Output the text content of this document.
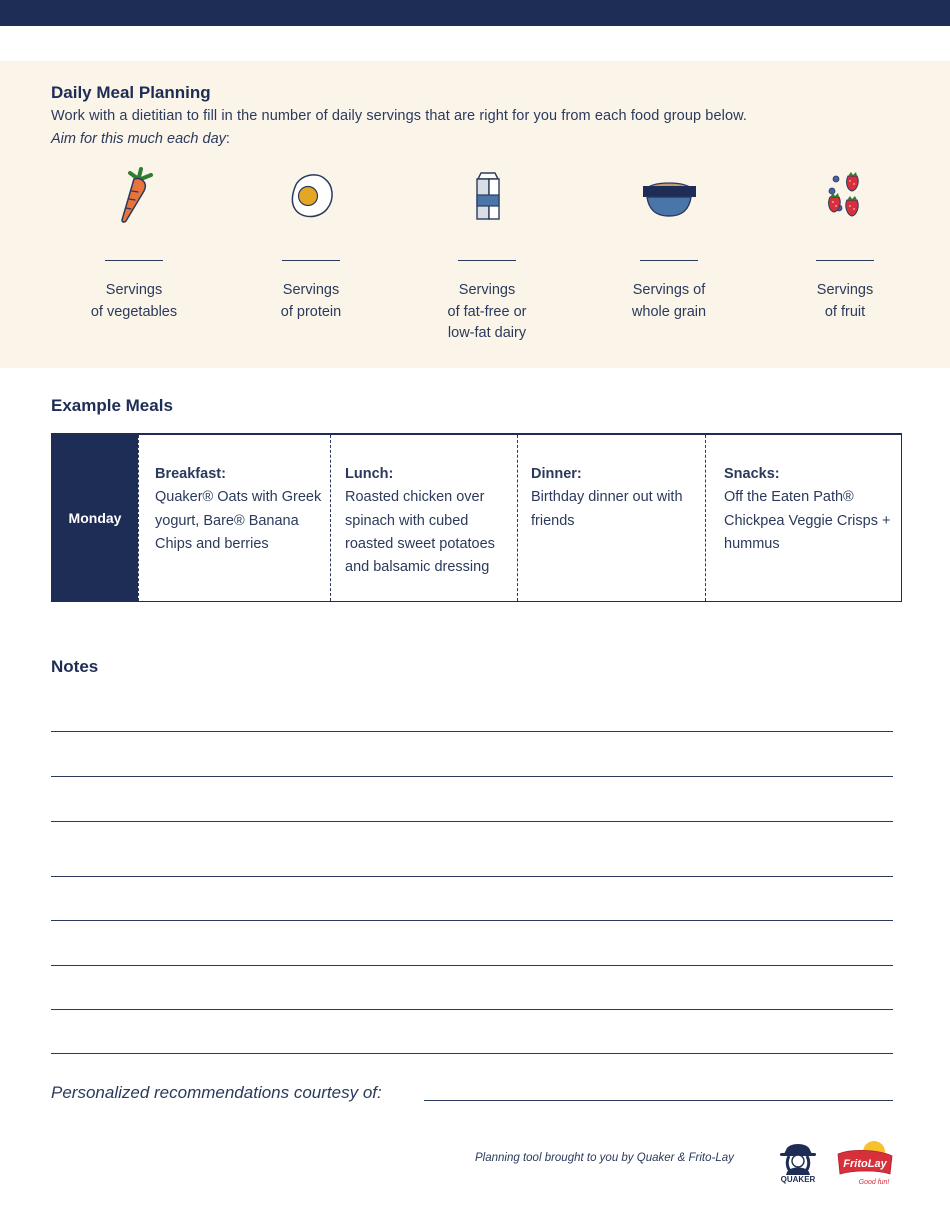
Daily Meal Planning

Work with a dietitian to fill in the number of daily servings that are right for you from each food group below.

Aim for this much each day:

Servings
of vegetables
Servings
of protein
Servings
of fat-free or
low-fat dairy
Servings of
whole grain
Servings
of fruit
Example Meals
Monday
Breakfast:
Quaker® Oats with Greek yogurt, Bare® Banana Chips and berries
Lunch:
Roasted chicken over spinach with cubed roasted sweet potatoes and balsamic dressing
Dinner:
Birthday dinner out with friends
Snacks:
Off the Eaten Path® Chickpea Veggie Crisps + hummus
Notes
Personalized recommendations courtesy of:
Planning tool brought to you by Quaker & Frito-Lay
QUAKER
FritoLay
Good fun!
